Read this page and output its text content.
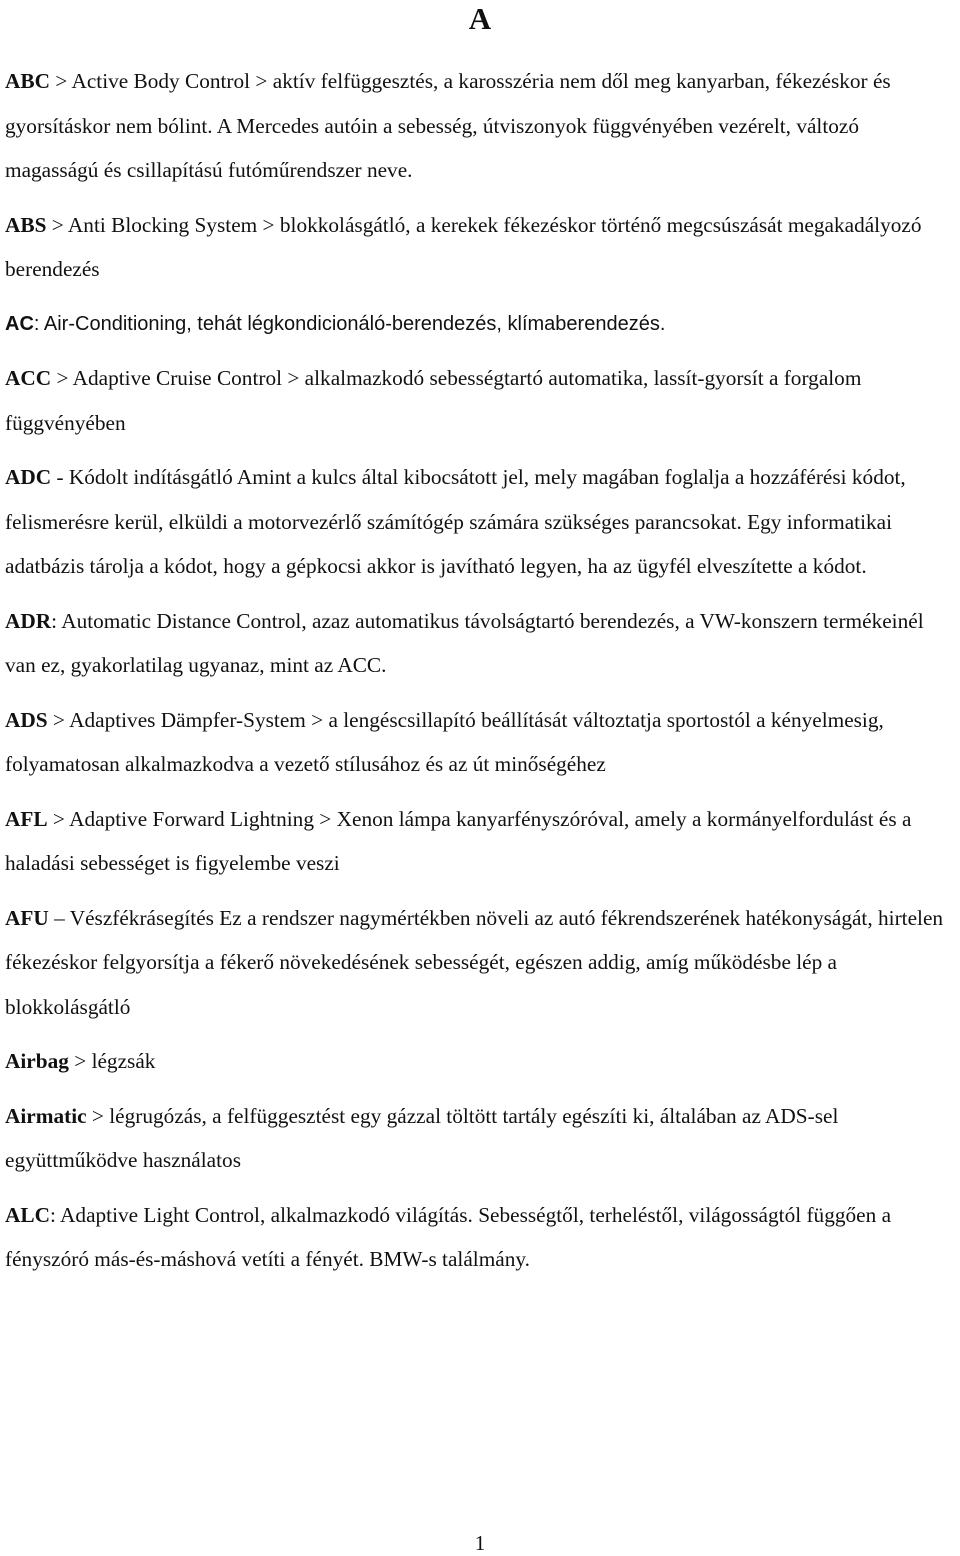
A

ABC > Active Body Control > aktív felfüggesztés, a karosszéria nem dől meg kanyarban, fékezéskor és gyorsításkor nem bólint. A Mercedes autóin a sebesség, útviszonyok függvényében vezérelt, változó magasságú és csillapítású futóműrendszer neve.

ABS > Anti Blocking System > blokkolásgátló, a kerekek fékezéskor történő megcsúszását megakadályozó berendezés

AC: Air-Conditioning, tehát légkondicionáló-berendezés, klímaberendezés.

ACC > Adaptive Cruise Control > alkalmazkodó sebességtartó automatika, lassít-gyorsít a forgalom függvényében

ADC - Kódolt indításgátló Amint a kulcs által kibocsátott jel, mely magában foglalja a hozzáférési kódot, felismerésre kerül, elküldi a motorvezérlő számítógép számára szükséges parancsokat. Egy informatikai adatbázis tárolja a kódot, hogy a gépkocsi akkor is javítható legyen, ha az ügyfél elveszítette a kódot.

ADR: Automatic Distance Control, azaz automatikus távolságtartó berendezés, a VW-konszern termékeinél van ez, gyakorlatilag ugyanaz, mint az ACC.

ADS > Adaptives Dämpfer-System > a lengéscsillapító beállítását változtatja sportostól a kényelmesig, folyamatosan alkalmazkodva a vezető stílusához és az út minőségéhez

AFL > Adaptive Forward Lightning > Xenon lámpa kanyarfényszóróval, amely a kormányelfordulást és a haladási sebességet is figyelembe veszi

AFU – Vészfékrásegítés Ez a rendszer nagymértékben növeli az autó fékrendszerének hatékonyságát, hirtelen fékezéskor felgyorsítja a fékerő növekedésének sebességét, egészen addig, amíg működésbe lép a blokkolásgátló

Airbag > légzsák

Airmatic > légrugózás, a felfüggesztést egy gázzal töltött tartály egészíti ki, általában az ADS-sel együttműködve használatos

ALC: Adaptive Light Control, alkalmazkodó világítás. Sebességtől, terheléstől, világosságtól függően a fényszóró más-és-máshová vetíti a fényét. BMW-s találmány.

1
